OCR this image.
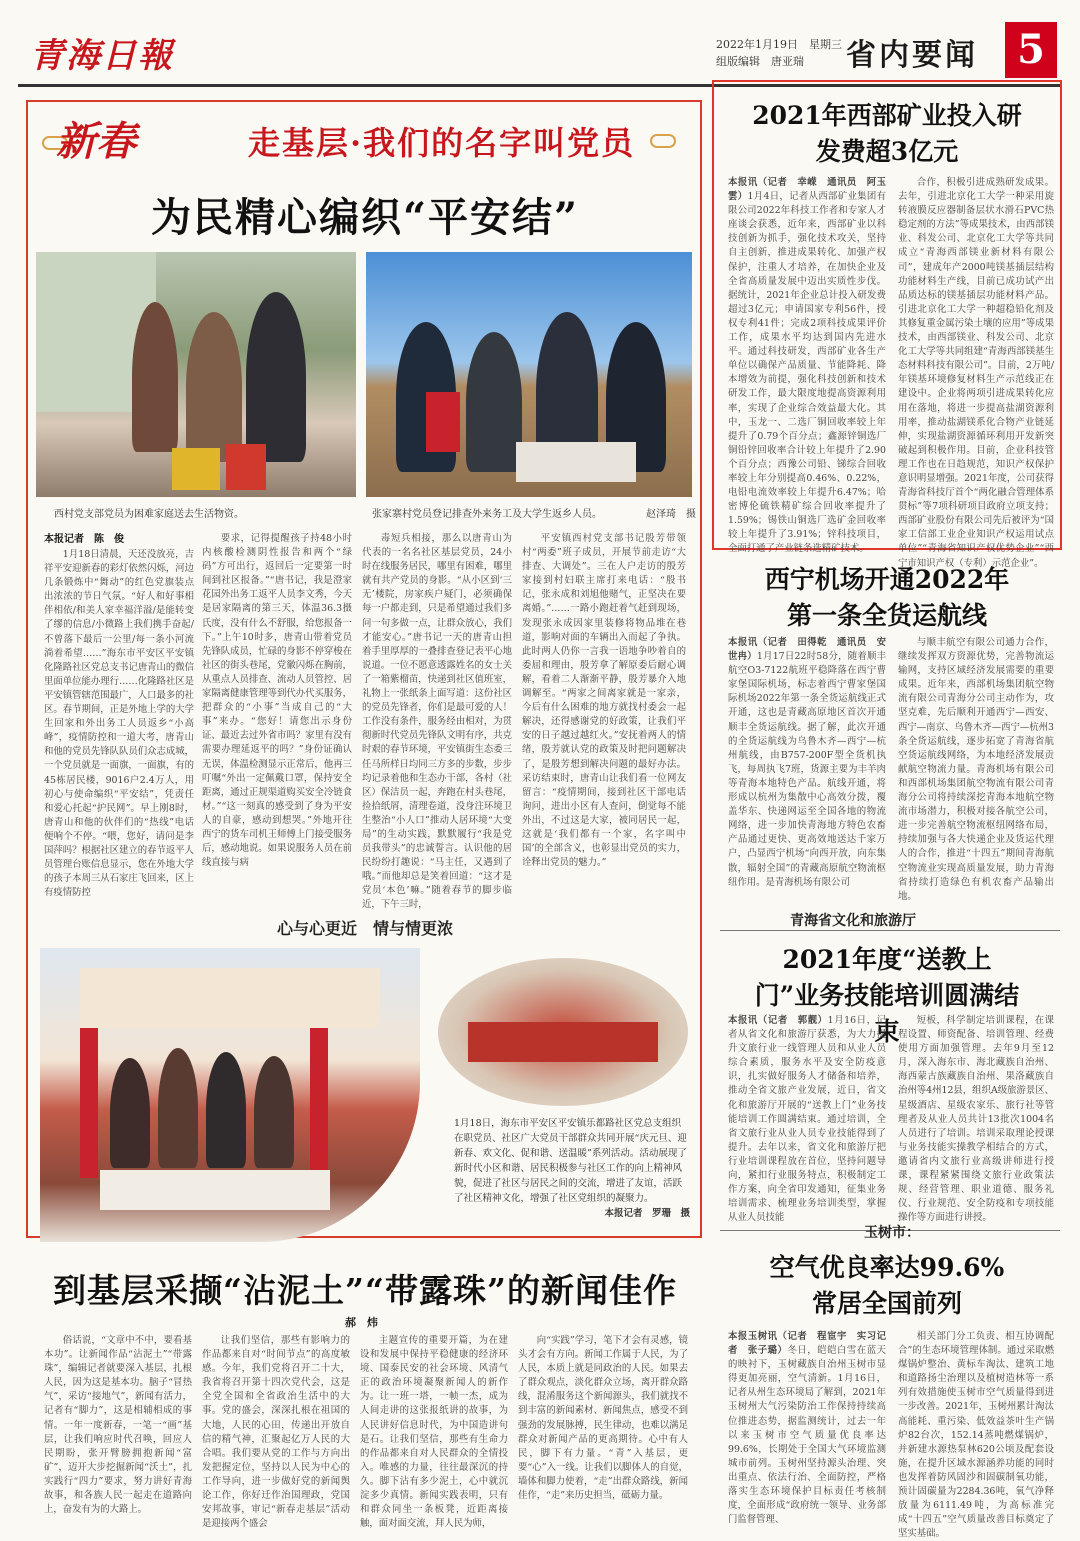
青海日報	2022年1月19日　星期三
组版编辑　唐亚瑞	省内要闻 5
新春	走基层·我们的名字叫党员
为民精心编织“平安结”
西村党支部党员为困难家庭送去生活物资。	张家寨村党员登记排查外来务工及大学生返乡人员。	赵泽琦　摄
本报记者　陈　俊

1月18日清晨，天还没放亮，吉祥平安迎新春的彩灯依然闪烁，河边几条锻炼中“舞动”的红色党旗装点出浓浓的节日气氛。“好人和好事相伴相依/和美人家幸福洋溢/是能转变了缪的信息/小微路上我们携手奋起/不曾落下最后一公里/每一条小河流淌着希望……”海东市平安区平安镇化隆路社区党总支书记唐青山的微信里面单位能办理行……化隆路社区是平安镇管辖范围最广，人口最多的社区。春节期间，正是外地上学的大学生回家和外出务工人员返乡“小高峰”，疫情防控和一道大考，唐青山和他的党员先锋队队员们众志成城，一个党员就是一面旗，一面旗，有的45栋居民楼，9016户2.4万人，用初心与使命编织“平安结”，凭责任和爱心托起“护民网”。早上刚8时，唐青山和他的伙伴们的“热线”电话便响个不停。“喂，您好，请问是李国萍吗？根据社区建立的春节返平人员管理台账信息显示，您在外地大学的孩子本周三从石家庄飞回来，区上有疫情防控

要求，记得提醒孩子持48小时内核酸检测阴性报告和两个“绿码”方可出行，返回后一定要第一时间到社区报备。”“唐书记，我是澄家花园外出务工返平人员李文秀，今天是居家隔离的第三天，体温36.3摄氏度，没有什么不舒服，给您报备一下。”上午10时多，唐青山带着党员先锋队成员，忙碌的身影不停穿梭在社区的街头巷尾，党徽闪烁在胸前，从重点人员排查、流动人员管控、居家隔离健康管理等到代办代买服务，把群众的“小事”当成自己的“大事”来办。“您好！请您出示身份证、最近去过外省市吗？家里有没有需要办理延返平的吗？”身份证确认无误，体温检测显示正常后，他再三叮嘱“外出一定佩戴口罩，保持安全距离，通过正规渠道购买安全冷链食材。”“这一刻真的感受到了身为平安人的自豪，感动到想哭。”外地开往西宁的货车司机王师傅上门接受服务后，感动地说。如果说服务人员在前线直接与病

毒短兵相接，那么以唐青山为代表的一名名社区基层党员，24小时在线服务居民，哪里有困难，哪里就有共产党员的身影。“从小区到‘三无’楼院，房家疾户疑门，必须确保每一户都走到，只是希望通过我们多问一句多做一点，让群众放心，我们才能安心。”唐书记一天的唐青山担着手里厚厚的一叠排查登记表平心地说道。一位不愿意透露姓名的女士关了一箱紫榴苗，快递到社区值班室，礼物上一张纸条上面写道：这份社区的党员先锋者，你们是最可爱的人！工作没有条件，服务经由相对，为贯彻新时代党员先锋队文明有序，共克时艰的春节环境，平安镇街生态委三任马所样日均同三方多的步数，步步均记录着他和生态办干部，各村（社区）保洁员一起，奔跑在村头巷尾，捡拾纸屑，清理卷道，没身注环境卫生整治“小人口”推动人居环境“大变局”的生动实践，默默履行“我是党员我带头”的忠诚誓言。认识他的居民纷纷打趣说：“马主任，又遇到了哦。”而他却总是笑着回道：“这才是党员‘本色’嘛。”随着春节的脚步临近，下午三时，

平安镇西村党支部书记殷芳带领村“两委”班子成员，开展节前走访“大排查、大调处”。三在人户走访的殷芳家接到村妇联主席打来电话：“殷书记，张永成和刘旭他赌气，正坚决在要离婚。”……一路小跑赶着气赶到现场，发现张永成因家里装修将物品堆在巷道，影响对面的车辆出入而起了争执。此时两人仍你一言我一语地争吵着自的委屈和理由，殷芳拿了解原委后耐心调解，看着二人渐渐平静，殷芳暴介入地调解至。“两家之间离家就是一家亲，今后有什么困难的地方就找村委会一起解决，还得感谢党的好政策，让我们平安的日子越过越红火。”安抚着两人的情绪，殷芳就认党的政策及时把问题解决了，是殷芳想到解决问题的最好办法。采访结束时，唐青山让我们看一位网友留言：“疫情期间，接到社区干部电话询问，进出小区有人查问，倒觉每不能外出，不过这是大家，被同居民一起，这就是‘我们都有一个家，名字叫中国’的全部含义，也彰显出党员的实力，诠释出党员的魅力。”

心与心更近　情与情更浓
1月18日，海东市平安区平安镇乐都路社区党总支组织在职党员、社区广大党员干部群众共同开展“庆元旦、迎新春、欢文化、促和谐、送温暖”系列活动。活动展现了新时代小区和谐、居民积极参与社区工作的向上精神风貌，促进了社区与居民之间的交流，增进了友谊，活跃了社区精神文化，增强了社区党组织的凝聚力。
本报记者　罗珊　摄
到基层采撷“沾泥土”“带露珠”的新闻佳作
郝　炜

俗话说，“文章中不中，要看基本功”。让新闻作品“沾泥土”“带露珠”，编辑记者就要深入基层，扎根人民，因为这是基本功。脑子“冒热气”，采访“接地气”，新闻有活力，记者有“脚力”，这是相辅相成的事情。一年一度新春，一笔一“画”基层，让我们响应时代召唤，回应人民期盼，张开臂膀拥抱新闻“富矿”，迈开大步挖掘新闻“沃土”，扎实践行“四力”要求，努力讲好青海故事，和各族人民一起走在道路向上，奋发有为的大路上。

让我们坚信，那些有影响力的作品都来自对“时间节点”的高度敏感。今年，我们党将召开二十大，我省将召开第十四次党代会，这是全党全国和全省政治生活中的大事。党的盛会，深深扎根在祖国的大地，人民的心田，传递出开放自信的精气神，汇聚起亿万人民的大合唱。我们要从党的工作与方向出发把握定位，坚持以人民为中心的工作导向，进一步做好党的新闻舆论工作，你好迁作治国理政，党国安邦故事，审记“新春走基层”活动是迎接两个盛会

主题宣传的重要开篇，为在建设和发展中保持平稳健康的经济环境、国泰民安的社会环境、风清气正的政治环境凝聚新闻人的新作为。让一班一塔，一帧一杰，成为人间走讲的这张报纸讲的故事，为人民讲好信息时代，为中国造讲句是石。让我们坚信，那些有生命力的作品都来自对人民群众的全情投入。唯感的力量，往往最深沉的持久。脚下沾有多少泥土，心中就沉淀多少真情。新闻实践表明，只有和群众同坐一条板凳，近距离接触，面对面交流，拜人民为师，

向“实践”学习，笔下才会有灵感，镜头才会有方向。新闻工作属于人民，为了人民，本质上就是同政治的人民。如果去了群众观点，淡化群众立场，离开群众路线，混淆服务这个新闻源头，我们就找不到丰富的新闻素材、新闻焦点，感受不到强劲的发展脉搏，民生律动，也难以满足群众对新闻产品的更高期待。心中有人民，脚下有力量。“青”入基层，更要“心”入一线。让我们以脚体人的自觉，墙体和脚力使着，“走”出群众路线，新闻佳作，“走”来历史担当，砥砺力量。

2021年西部矿业投入研发费超3亿元
本报讯（记者　幸嵘　通讯员　阿玉雲）1月4日，记者从西部矿业集团有限公司2022年科技工作者和专家人才座谈会获悉，近年来，西部矿业以科技创新为抓手，强化技术攻关，坚持自主创新，推进成果转化、加强产权保护，注重人才培养，在加快企业及全省高质量发展中迈出实质性步伐。据统计，2021年企业总计投入研发费超过3亿元；申请国家专利56件，授权专利41件；完成2项科技成果评价工作，成果水平均达到国内先进水平。通过科技研发，西部矿业各生产单位以确保产品质量、节能降耗、降本增效为前提，强化科技创新和技术研发工作，最大限度地提高资源利用率，实现了企业综合效益最大化。其中，玉龙一、二选厂铜回收率较上年提升了0.79个百分点；鑫源锌铜选厂铜铅锌回收率合计较上年提升了2.90个百分点；西豫公司铅、锑综合回收率较上年分别提高0.46%、0.22%，电铅电流效率较上年提升6.47%；哈密博伦硫铁精矿综合回收率提升了1.59%；锡铁山铜选厂选矿金回收率较上年提升了3.91%；锌科技项目，全面打通了产业链条选精矿技术。

合作，积极引进成熟研发成果。去年，引进北京化工大学一种采用旋转液膜反应器制备层状水滑石PVC热稳定剂的方法”等成果技术，由西部镁业、科发公司、北京化工大学等共同成立“青海西部镁业新材料有限公司”，建成年产2000吨镁基插层结构功能材料生产线，目前已成功试产出品质达标的镁基插层功能材料产品。引进北京化工大学一种超稳铅化剂及其修复重金属污染土壤的应用”等成果技术，由西部镁业、科发公司、北京化工大学等共同组建“青海西部镁基生态材料科技有限公司”。目前，2万吨/年镁基环境修复材料生产示范线正在建设中。企业将两项引进成果转化应用在落地，将进一步提高盐湖资源利用率，推动盐湖镁系化合物产业链延伸，实现盐湖资源循环利用开发新突破起到积极作用。目前，企业科技管理工作也在日趋规范，知识产权保护意识明显增强。2021年度，公司获得青海省科技厅首个“两化融合管理体系贯标”等7项科研项目政府立项支持；西部矿业股份有限公司先后被评为“国家工信部工业企业知识产权运用试点单位”“青海省知识产权优势企业”“西宁市知识产权（专利）示范企业”。

西宁机场开通2022年第一条全货运航线
本报讯（记者　田得乾　通讯员　安世冉）1月17日22时58分，随着顺丰航空O3-7122航班平稳降落在西宁曹家堡国际机场，标志着西宁曹家堡国际机场2022年第一条全货运航线正式开通，这也是青藏高原地区首次开通顺丰全货运航线。据了解，此次开通的全货运航线为乌鲁木齐—西宁—杭州航线，由B757-200F型全货机执飞，每周执飞7班，货源主要为丰羊肉等青海本地特色产品。航线开通，将形成以杭州为集散中心高效分拨，覆盖华东、快递网运至全国各地的物流网络，进一步加快青海地方特色农畜产品通过更快、更高效地送达千家万户，凸显西宁机场“向西开放，向东集散，辐射全国”的青藏高原航空物流枢纽作用。是青海机场有限公司

与顺丰航空有限公司通力合作，继续发挥双方资源优势，完善物流运输网，支持区域经济发展需要的重要成果。近年来，西部机场集团航空物流有限公司青海分公司主动作为，攻坚克难，先后顺利开通西宁—西安、西宁—南京、乌鲁木齐—西宁—杭州3条全货运航线，逐步拓宽了青海省航空货运航线网络，为本地经济发展贡献航空物流力量。青海机场有限公司和西部机场集团航空物流有限公司青海分公司将持续深挖青海本地航空物流市场潜力，积极对接各航空公司，进一步完善航空物流枢纽网络布局，持续加强与各大快递企业及货运代理人的合作，推进“十四五”期间青海航空物流业实现高质量发展，助力青海省持续打造绿色有机农畜产品输出地。

青海省文化和旅游厅
2021年度“送教上门”业务技能培训圆满结束
本报讯（记者　郭靓）1月16日，记者从省文化和旅游厅获悉，为大力提升文旅行业一线管理人员和从业人员综合素质，服务水平及安全防疫意识，扎实做好服务人才储备和培养，推动全省文旅产业发展，近日，省文化和旅游厅开展的“送教上门”业务技能培训工作圆满结束。通过培训，全省文旅行业从业人员专业技能得到了提升。去年以来，省文化和旅游厅把行业培训课程放在首位，坚持问题导向，紧扣行业服务特点，积极制定工作方案，向全省印发通知，征集业务培训需求、梳理业务培训类型，掌握从业人员技能

短板，科学制定培训课程，在课程设置、师资配备、培训管理、经费使用方面加强管理。去年9月至12月，深入海东市、海北藏族自治州、海西蒙古族藏族自治州、果洛藏族自治州等4州12县，组织A级旅游景区、星级酒店、星级农家乐、旅行社等管理者及从业人员共计13批次1004名人员进行了培训。培训采取理论授课与业务技能实操教学相结合的方式，邀请省内文旅行业高级讲师进行授课，课程紧紧围绕文旅行业政策法规、经营管理、职业道德、服务礼仪、行业规范、安全防疫和专项技能操作等方面进行讲授。

玉树市：
空气优良率达99.6%常居全国前列
本报玉树讯（记者　程宦宇　实习记者　张子璐）冬日，皑皑白雪在蓝天的映衬下，玉树藏族自治州玉树市显得更加亮丽，空气清新。1月16日，记者从州生态环境局了解到，2021年玉树州大气污染防治工作保持持续高位推进态势，据监测统计，过去一年以来玉树市空气质量优良率达99.6%，长期处于全国大气环境监测城市前列。玉树州坚持源头治理、突出重点、依法行治、全面防控，严格落实生态环境保护目标责任考核制度，全面形成“政府统一领导、业务部门监督管理、

相关部门分工负责、相互协调配合”的生态环境管理体制。通过采取燃煤锅炉整治、黄标车淘汰、建筑工地和道路扬尘治理以及植树造林等一系列有效措施使玉树市空气质量得到进一步改善。2021年，玉树州累计淘汰高能耗、重污染、低效益茶叶生产锅炉82台次，152.14蒸吨燃煤锅炉，并新建水源热泵林620公顷及配套设施，在提升区域水源涵养功能的同时也发挥着防风固沙和固碳制氧功能，预计固碳量为2284.36吨，氧气净释放量为6111.49吨，为高标准完成“十四五”空气质量改善目标奠定了坚实基础。
